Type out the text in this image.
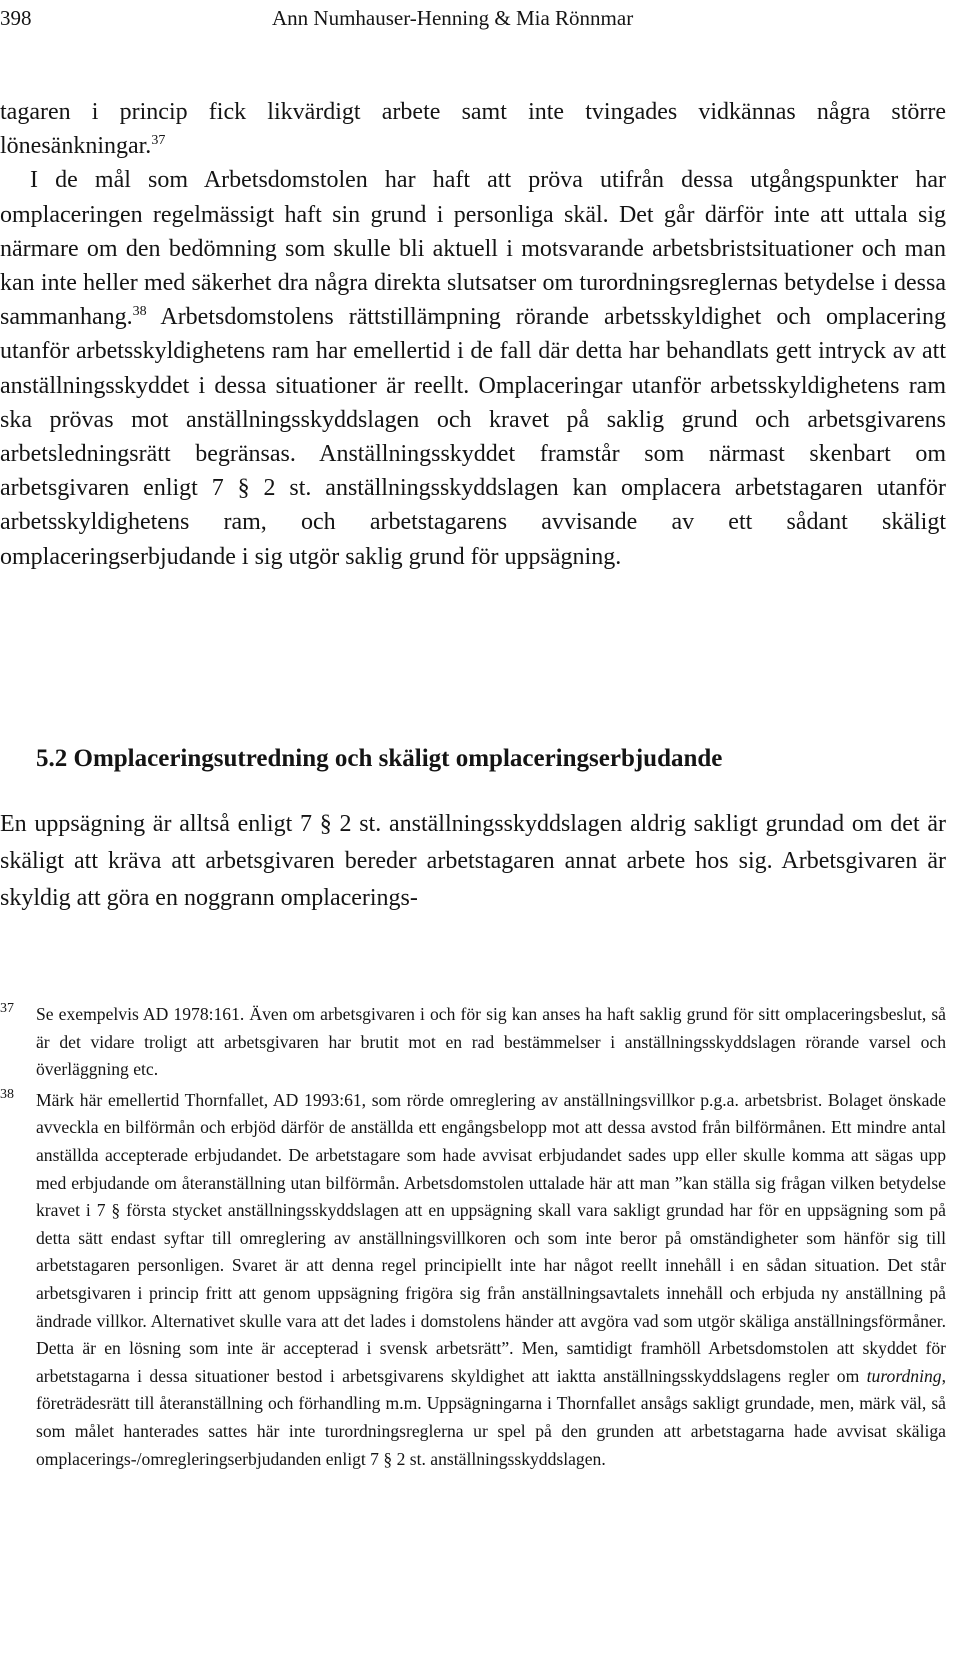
398	Ann Numhauser-Henning & Mia Rönnmar

tagaren i princip fick likvärdigt arbete samt inte tvingades vidkännas några större lönesänkningar.$^{37}$

I de mål som Arbetsdomstolen har haft att pröva utifrån dessa utgångspunkter har omplaceringen regelmässigt haft sin grund i personliga skäl. Det går därför inte att uttala sig närmare om den bedömning som skulle bli aktuell i motsvarande arbetsbristsituationer och man kan inte heller med säkerhet dra några direkta slutsatser om turordningsreglernas betydelse i dessa sammanhang.$^{38}$ Arbetsdomstolens rättstillämpning rörande arbetsskyldighet och omplacering utanför arbetsskyldighetens ram har emellertid i de fall där detta har behandlats gett intryck av att anställningsskyddet i dessa situationer är reellt. Omplaceringar utanför arbetsskyldighetens ram ska prövas mot anställningsskyddslagen och kravet på saklig grund och arbetsgivarens arbetsledningsrätt begränsas. Anställningsskyddet framstår som närmast skenbart om arbetsgivaren enligt 7 § 2 st. anställningsskyddslagen kan omplacera arbetstagaren utanför arbetsskyldighetens ram, och arbetstagarens avvisande av ett sådant skäligt omplaceringserbjudande i sig utgör saklig grund för uppsägning.

5.2 Omplaceringsutredning och skäligt omplaceringserbjudande

En uppsägning är alltså enligt 7 § 2 st. anställningsskyddslagen aldrig sakligt grundad om det är skäligt att kräva att arbetsgivaren bereder arbetstagaren annat arbete hos sig. Arbetsgivaren är skyldig att göra en noggrann omplacerings-

37 Se exempelvis AD 1978:161. Även om arbetsgivaren i och för sig kan anses ha haft saklig grund för sitt omplaceringsbeslut, så är det vidare troligt att arbetsgivaren har brutit mot en rad bestämmelser i anställningsskyddslagen rörande varsel och överläggning etc.

38 Märk här emellertid Thornfallet, AD 1993:61, som rörde omreglering av anställningsvillkor p.g.a. arbetsbrist. Bolaget önskade avveckla en bilförmån och erbjöd därför de anställda ett engångsbelopp mot att dessa avstod från bilförmånen. Ett mindre antal anställda accepterade erbjudandet. De arbetstagare som hade avvisat erbjudandet sades upp eller skulle komma att sägas upp med erbjudande om återanställning utan bilförmån. Arbetsdomstolen uttalade här att man ”kan ställa sig frågan vilken betydelse kravet i 7 § första stycket anställningsskyddslagen att en uppsägning skall vara sakligt grundad har för en uppsägning som på detta sätt endast syftar till omreglering av anställningsvillkoren och som inte beror på omständigheter som hänför sig till arbetstagaren personligen. Svaret är att denna regel principiellt inte har något reellt innehåll i en sådan situation. Det står arbetsgivaren i princip fritt att genom uppsägning frigöra sig från anställningsavtalets innehåll och erbjuda ny anställning på ändrade villkor. Alternativet skulle vara att det lades i domstolens händer att avgöra vad som utgör skäliga anställningsförmåner. Detta är en lösning som inte är accepterad i svensk arbetsrätt”. Men, samtidigt framhöll Arbetsdomstolen att skyddet för arbetstagarna i dessa situationer bestod i arbetsgivarens skyldighet att iaktta anställningsskyddslagens regler om turordning, företrädesrätt till återanställning och förhandling m.m. Uppsägningarna i Thornfallet ansågs sakligt grundade, men, märk väl, så som målet hanterades sattes här inte turordningsreglerna ur spel på den grunden att arbetstagarna hade avvisat skäliga omplacerings-/omregleringserbjudanden enligt 7 § 2 st. anställningsskyddslagen.
